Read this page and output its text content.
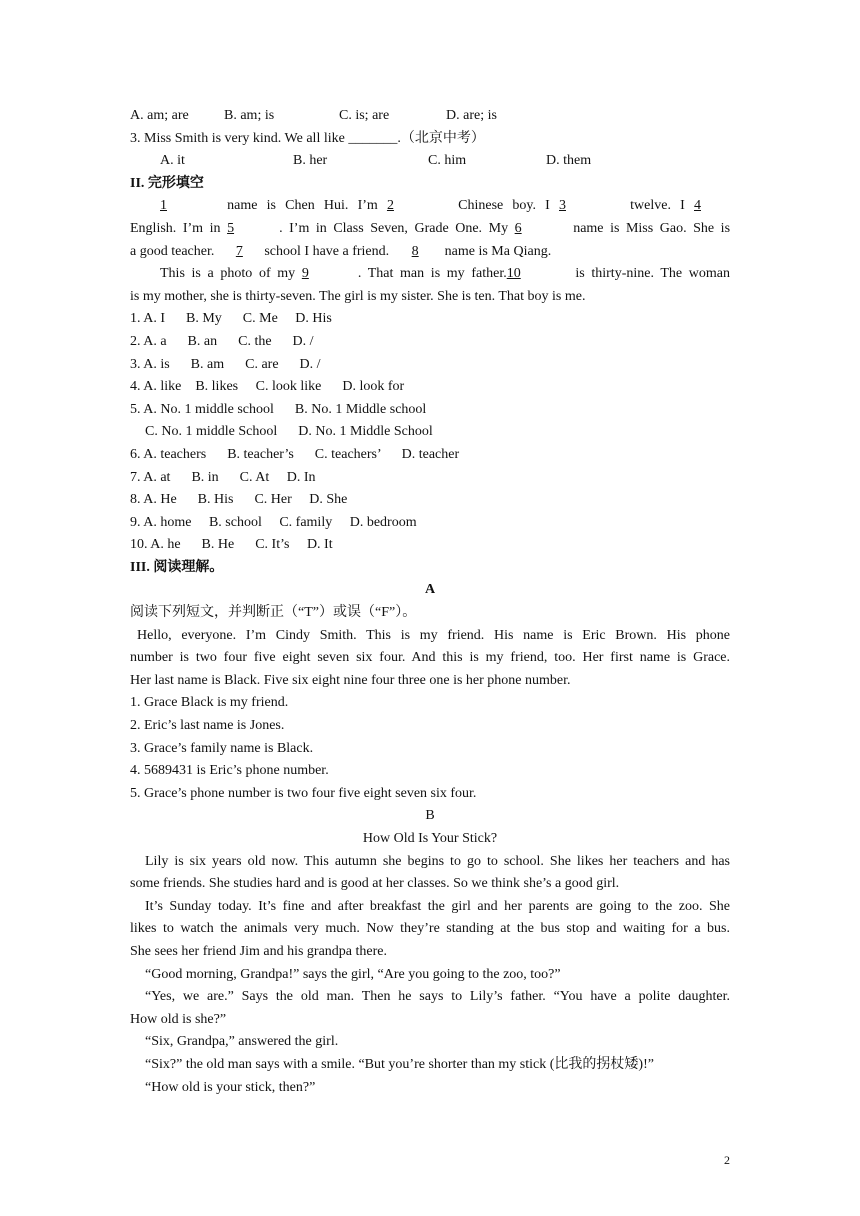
A. am; are	B. am; is	C. is; are	D. are; is
3. Miss Smith is very kind. We all like _______.（北京中考）
A. it	B. her	C. him	D. them
II. 完形填空
1	name is Chen Hui. I’m 2	Chinese boy. I 3	twelve. I 4
English. I’m in 5	. I’m in Class Seven, Grade One. My 6	name is Miss Gao. She is
a good teacher. 7 school I have a friend. 8 name is Ma Qiang.
This is a photo of my 9	. That man is my father.10	is thirty-nine. The woman
is my mother, she is thirty-seven. The girl is my sister. She is ten. That boy is me.
1. A. I      B. My      C. Me     D. His
2. A. a      B. an      C. the      D. /
3. A. is      B. am      C. are      D. /
4. A. like    B. likes     C. look like      D. look for
5. A. No. 1 middle school      B. No. 1 Middle school
C. No. 1 middle School      D. No. 1 Middle School
6. A. teachers      B. teacher’s      C. teachers’      D. teacher
7. A. at      B. in      C. At     D. In
8. A. He      B. His      C. Her     D. She
9. A. home     B. school     C. family     D. bedroom
10. A. he      B. He      C. It’s     D. It
III. 阅读理解。
A
阅读下列短文，并判断正（“T”）或误（“F”）。
Hello, everyone. I’m Cindy Smith. This is my friend. His name is Eric Brown. His phone
number is two four five eight seven six four. And this is my friend, too. Her first name is Grace.
Her last name is Black. Five six eight nine four three one is her phone number.
1. Grace Black is my friend.
2. Eric’s last name is Jones.
3. Grace’s family name is Black.
4. 5689431 is Eric’s phone number.
5. Grace’s phone number is two four five eight seven six four.
B
How Old Is Your Stick?
Lily is six years old now. This autumn she begins to go to school. She likes her teachers and has
some friends. She studies hard and is good at her classes. So we think she’s a good girl.
It’s Sunday today. It’s fine and after breakfast the girl and her parents are going to the zoo. She
likes to watch the animals very much. Now they’re standing at the bus stop and waiting for a bus.
She sees her friend Jim and his grandpa there.
“Good morning, Grandpa!” says the girl, “Are you going to the zoo, too?”
“Yes, we are.” Says the old man. Then he says to Lily’s father. “You have a polite daughter.
How old is she?”
“Six, Grandpa,” answered the girl.
“Six?” the old man says with a smile. “But you’re shorter than my stick (比我的拐杖矮)!”
“How old is your stick, then?”
2
